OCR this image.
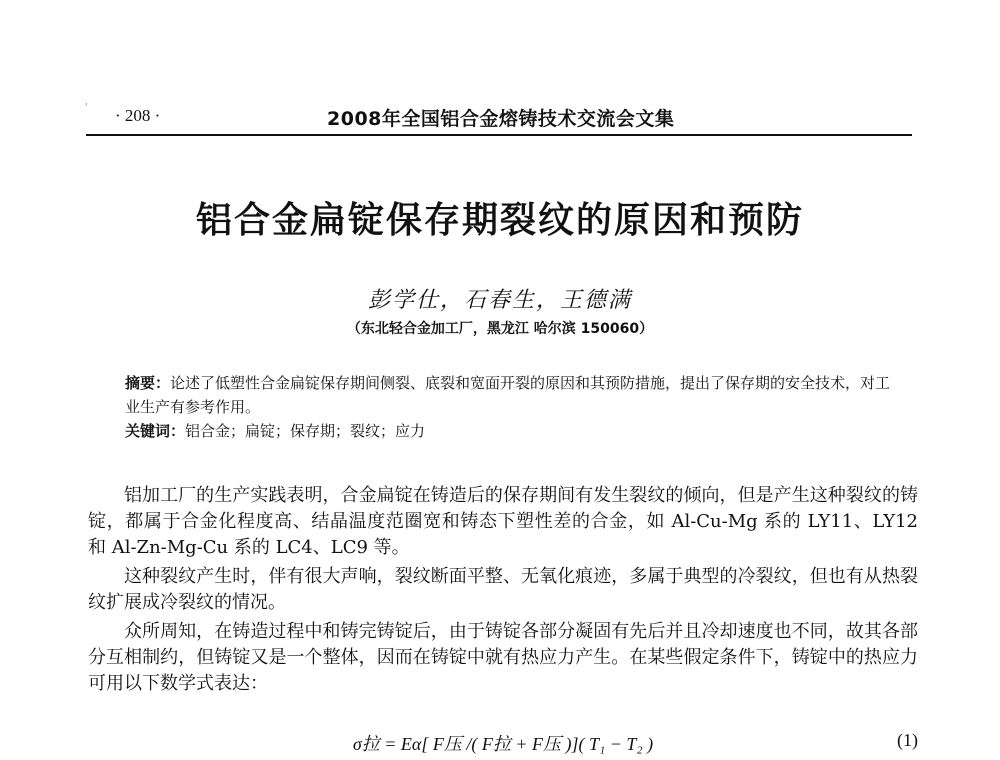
' · 208 ·	2008年全国铝合金熔铸技术交流会文集
铝合金扁锭保存期裂纹的原因和预防
彭学仕，石春生，王德满
（东北轻合金加工厂，黑龙江 哈尔滨 150060）
摘要：论述了低塑性合金扁锭保存期间侧裂、底裂和宽面开裂的原因和其预防措施，提出了保存期的安全技术，对工业生产有参考作用。
关键词：铝合金；扁锭；保存期；裂纹；应力

铝加工厂的生产实践表明，合金扁锭在铸造后的保存期间有发生裂纹的倾向，但是产生这种裂纹的铸锭，都属于合金化程度高、结晶温度范圈宽和铸态下塑性差的合金，如 Al-Cu-Mg 系的 LY11、LY12 和 Al-Zn-Mg-Cu 系的 LC4、LC9 等。

这种裂纹产生时，伴有很大声响，裂纹断面平整、无氧化痕迹，多属于典型的冷裂纹，但也有从热裂纹扩展成冷裂纹的情况。

众所周知，在铸造过程中和铸完铸锭后，由于铸锭各部分凝固有先后并且冷却速度也不同，故其各部分互相制约，但铸锭又是一个整体，因而在铸锭中就有热应力产生。在某些假定条件下，铸锭中的热应力可用以下数学式表达：

σ拉 = Eα[ F压 /( F拉 + F压 )]( T₁ − T₂ )	(1)
